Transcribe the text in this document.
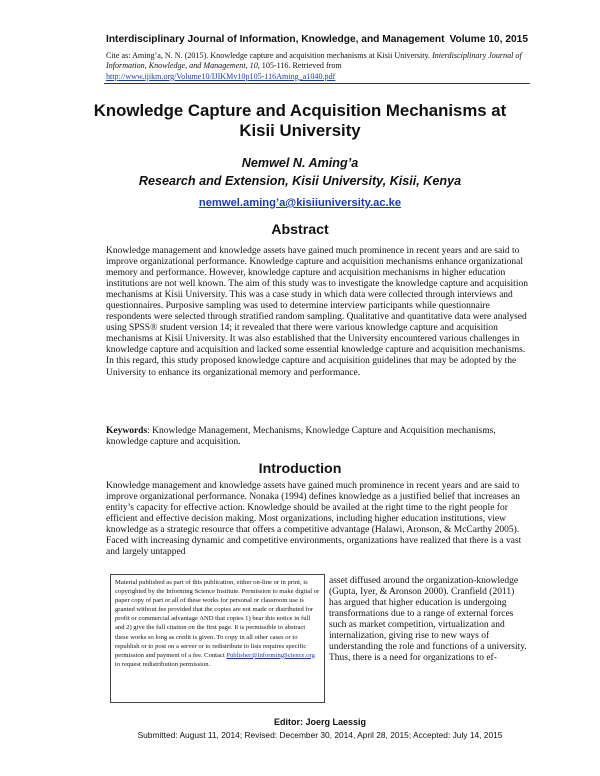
Interdisciplinary Journal of Information, Knowledge, and Management Volume 10, 2015
Cite as: Aming’a, N. N. (2015). Knowledge capture and acquisition mechanisms at Kisii University. Interdisciplinary Journal of Information, Knowledge, and Management, 10, 105-116. Retrieved from
http://www.ijikm.org/Volume10/IJIKMv10p105-116Aming_a1040.pdf
Knowledge Capture and Acquisition Mechanisms at Kisii University
Nemwel N. Aming’a
Research and Extension, Kisii University, Kisii, Kenya
nemwel.aming’a@kisiiuniversity.ac.ke
Abstract

Knowledge management and knowledge assets have gained much prominence in recent years and are said to improve organizational performance. Knowledge capture and acquisition mechanisms enhance organizational memory and performance. However, knowledge capture and acquisition mechanisms in higher education institutions are not well known. The aim of this study was to investigate the knowledge capture and acquisition mechanisms at Kisii University. This was a case study in which data were collected through interviews and questionnaires. Purposive sampling was used to determine interview participants while questionnaire respondents were selected through stratified random sampling. Qualitative and quantitative data were analysed using SPSS® student version 14; it revealed that there were various knowledge capture and acquisition mechanisms at Kisii University. It was also established that the University encountered various challenges in knowledge capture and acquisition and lacked some essential knowledge capture and acquisition mechanisms. In this regard, this study proposed knowledge capture and acquisition guidelines that may be adopted by the University to enhance its organizational memory and performance.

Keywords: Knowledge Management, Mechanisms, Knowledge Capture and Acquisition mechanisms, knowledge capture and acquisition.

Introduction

Knowledge management and knowledge assets have gained much prominence in recent years and are said to improve organizational performance. Nonaka (1994) defines knowledge as a justified belief that increases an entity’s capacity for effective action. Knowledge should be availed at the right time to the right people for efficient and effective decision making. Most organizations, including higher education institutions, view knowledge as a strategic resource that offers a competitive advantage (Halawi, Aronson, & McCarthy 2005). Faced with increasing dynamic and competitive environments, organizations have realized that there is a vast and largely untapped

Material published as part of this publication, either on-line or in print, is copyrighted by the Informing Science Institute. Permission to make digital or paper copy of part or all of these works for personal or classroom use is granted without fee provided that the copies are not made or distributed for profit or commercial advantage AND that copies 1) bear this notice in full and 2) give the full citation on the first page. It is permissible to abstract these works so long as credit is given. To copy in all other cases or to republish or to post on a server or to redistribute to lists requires specific permission and payment of a fee. Contact Publisher@InformingScience.org to request redistribution permission.

asset diffused around the organization-knowledge (Gupta, Iyer, & Aronson 2000). Cranfield (2011) has argued that higher education is undergoing transformations due to a range of external forces such as market competition, virtualization and internalization, giving rise to new ways of understanding the role and functions of a university. Thus, there is a need for organizations to ef-

Editor: Joerg Laessig
Submitted: August 11, 2014; Revised: December 30, 2014, April 28, 2015; Accepted: July 14, 2015
